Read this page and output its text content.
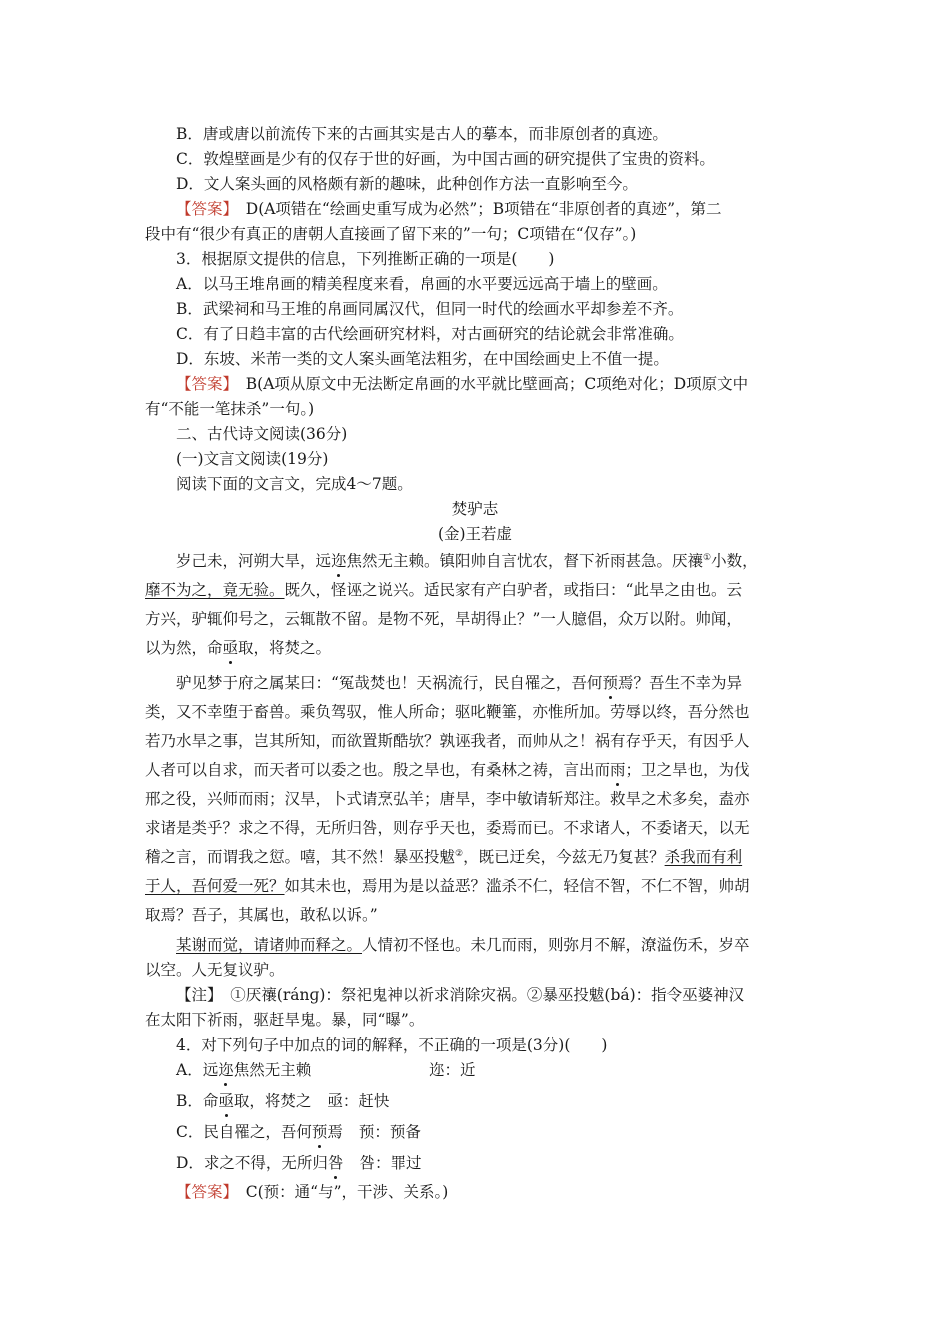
B．唐或唐以前流传下来的古画其实是古人的摹本，而非原创者的真迹。
C．敦煌壁画是少有的仅存于世的好画，为中国古画的研究提供了宝贵的资料。
D．文人案头画的风格颇有新的趣味，此种创作方法一直影响至今。
【答案】　D(A项错在“绘画史重写成为必然”；B项错在“非原创者的真迹”，第二
段中有“很少有真正的唐朝人直接画了留下来的”一句；C项错在“仅存”。)
3．根据原文提供的信息，下列推断正确的一项是(　　)
A．以马王堆帛画的精美程度来看，帛画的水平要远远高于墙上的壁画。
B．武梁祠和马王堆的帛画同属汉代，但同一时代的绘画水平却参差不齐。
C．有了日趋丰富的古代绘画研究材料，对古画研究的结论就会非常准确。
D．东坡、米芾一类的文人案头画笔法粗劣，在中国绘画史上不值一提。
【答案】　B(A项从原文中无法断定帛画的水平就比壁画高；C项绝对化；D项原文中
有“不能一笔抹杀”一句。)
二、古代诗文阅读(36分)
(一)文言文阅读(19分)
阅读下面的文言文，完成4～7题。
焚驴志
(金)王若虚
岁己未，河朔大旱，远迩焦然无主赖。镇阳帅自言忧农，督下祈雨甚急。厌禳①小数，
靡不为之，竟无验。既久，怪诬之说兴。适民家有产白驴者，或指曰：“此旱之由也。云
方兴，驴辄仰号之，云辄散不留。是物不死，旱胡得止？”一人臆倡，众万以附。帅闻，
以为然，命亟取，将焚之。
驴见梦于府之属某曰：“冤哉焚也！天祸流行，民自罹之，吾何预焉？吾生不幸为异
类，又不幸堕于畜兽。乘负驾驭，惟人所命；驱叱鞭箠，亦惟所加。劳辱以终，吾分然也
若乃水旱之事，岂其所知，而欲置斯酷欤？孰诬我者，而帅从之！祸有存乎天，有因乎人
人者可以自求，而天者可以委之也。殷之旱也，有桑林之祷，言出而雨；卫之旱也，为伐
邢之役，兴师而雨；汉旱，卜式请烹弘羊；唐旱，李中敏请斩郑注。救旱之术多矣，盍亦
求诸是类乎？求之不得，无所归咎，则存乎天也，委焉而已。不求诸人，不委诸天，以无
稽之言，而谓我之愆。嘻，其不然！暴巫投魃②，既已迂矣，今兹无乃复甚？杀我而有利
于人，吾何爱一死？如其未也，焉用为是以益恶？滥杀不仁，轻信不智，不仁不智，帅胡
取焉？吾子，其属也，敢私以诉。”
某谢而觉，请诸帅而释之。人情初不怪也。未几而雨，则弥月不解，潦溢伤禾，岁卒
以空。人无复议驴。
【注】　①厌禳(ránɡ)：祭祀鬼神以祈求消除灾祸。②暴巫投魃(bá)：指令巫婆神汉
在太阳下祈雨，驱赶旱鬼。暴，同“曝”。
4．对下列句子中加点的词的解释，不正确的一项是(3分)(　　)
A．远迩焦然无主赖	迩：近
B．命亟取，将焚之 亟：赶快
C．民自罹之，吾何预焉 预：预备
D．求之不得，无所归咎 咎：罪过
【答案】　C(预：通“与”，干涉、关系。)
